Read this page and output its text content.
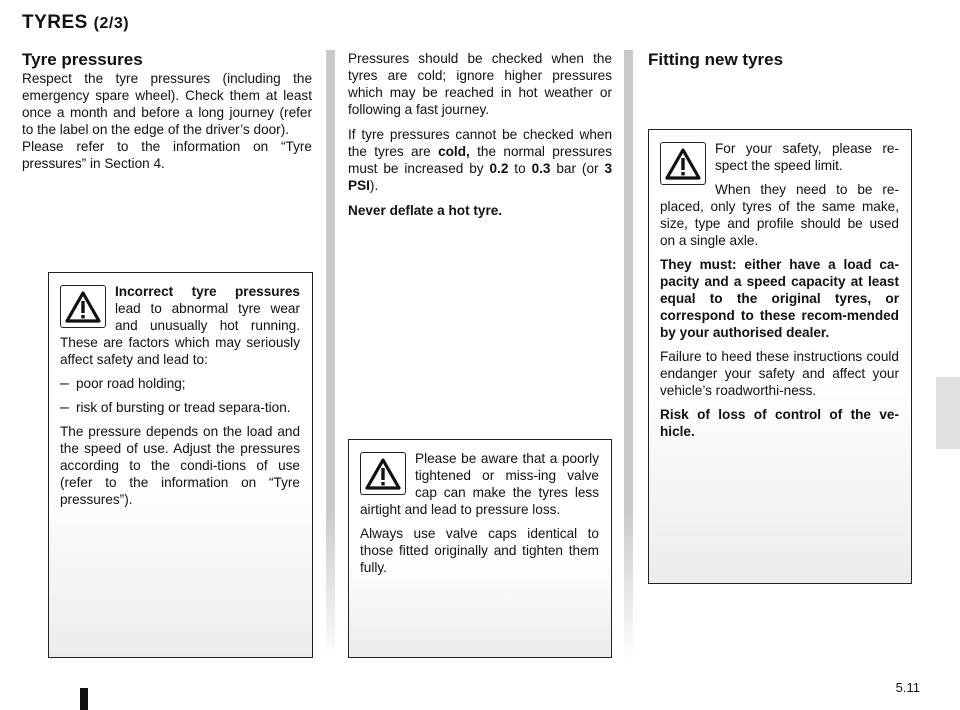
TYRES (2/3)
Tyre pressures

Respect the tyre pressures (including the emergency spare wheel). Check them at least once a month and before a long journey (refer to the label on the edge of the driver’s door).

Please refer to the information on “Tyre pressures” in Section 4.

Incorrect tyre pressures lead to abnormal tyre wear and unusually hot running. These are factors which may seriously affect safety and lead to:

– poor road holding;

– risk of bursting or tread separa-tion.

The pressure depends on the load and the speed of use. Adjust the pressures according to the condi-tions of use (refer to the information on “Tyre pressures”).

Pressures should be checked when the tyres are cold; ignore higher pressures which may be reached in hot weather or following a fast journey.

If tyre pressures cannot be checked when the tyres are cold, the normal pressures must be increased by 0.2 to 0.3 bar (or 3 PSI).

Never deflate a hot tyre.

Please be aware that a poorly tightened or miss-ing valve cap can make the tyres less airtight and lead to pressure loss.

Always use valve caps identical to those fitted originally and tighten them fully.

Fitting new tyres

For your safety, please re-spect the speed limit.

When they need to be re-placed, only tyres of the same make, size, type and profile should be used on a single axle.

They must: either have a load ca-pacity and a speed capacity at least equal to the original tyres, or correspond to these recom-mended by your authorised dealer.

Failure to heed these instructions could endanger your safety and affect your vehicle’s roadworthi-ness.

Risk of loss of control of the ve-hicle.

5.11
